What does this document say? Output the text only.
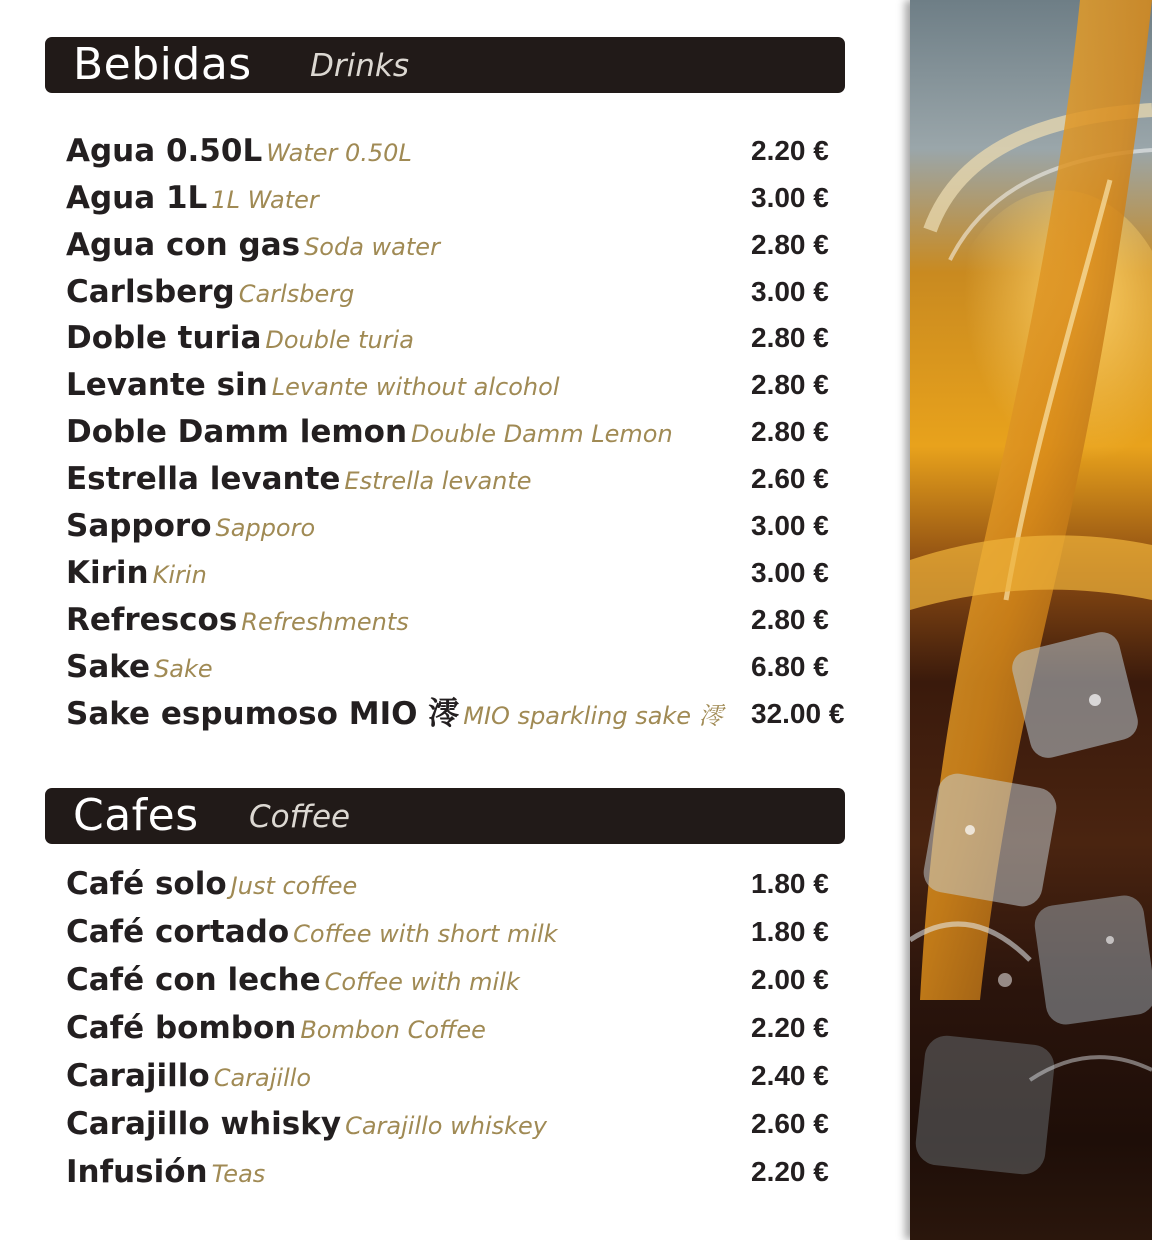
Bebidas Drinks
Agua 0.50L Water 0.50L	2.20 €
Agua 1L 1L Water	3.00 €
Agua con gas Soda water	2.80 €
Carlsberg Carlsberg	3.00 €
Doble turia Double turia	2.80 €
Levante sin Levante without alcohol	2.80 €
Doble Damm lemon Double Damm Lemon	2.80 €
Estrella levante Estrella levante	2.60 €
Sapporo Sapporo	3.00 €
Kirin Kirin	3.00 €
Refrescos Refreshments	2.80 €
Sake Sake	6.80 €
Sake espumoso MIO 澪 MIO sparkling sake 澪 32.00 €
Cafes Coffee
Café solo Just coffee	1.80 €
Café cortado Coffee with short milk	1.80 €
Café con leche Coffee with milk	2.00 €
Café bombon Bombon Coffee	2.20 €
Carajillo Carajillo	2.40 €
Carajillo whisky Carajillo whiskey	2.60 €
Infusión Teas	2.20 €
